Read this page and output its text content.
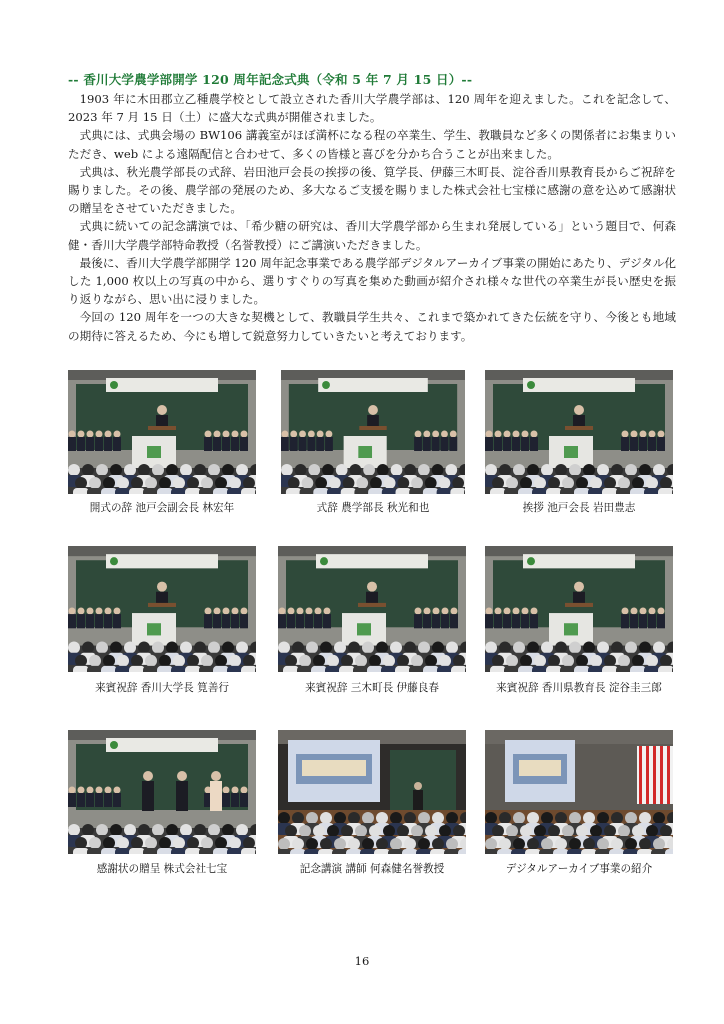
-- 香川大学農学部開学 120 周年記念式典（令和 5 年 7 月 15 日）--

1903 年に木田郡立乙種農学校として設立された香川大学農学部は、120 周年を迎えました。これを記念して、2023 年 7 月 15 日（土）に盛大な式典が開催されました。

式典には、式典会場の BW106 講義室がほぼ満杯になる程の卒業生、学生、教職員など多くの関係者にお集まりいただき、web による遠隔配信と合わせて、多くの皆様と喜びを分かち合うことが出来ました。

式典は、秋光農学部長の式辞、岩田池戸会長の挨拶の後、筧学長、伊藤三木町長、淀谷香川県教育長からご祝辞を賜りました。その後、農学部の発展のため、多大なるご支援を賜りました株式会社七宝様に感謝の意を込めて感謝状の贈呈をさせていただきました。

式典に続いての記念講演では、「希少糖の研究は、香川大学農学部から生まれ発展している」という題目で、何森 健・香川大学農学部特命教授（名誉教授）にご講演いただきました。

最後に、香川大学農学部開学 120 周年記念事業である農学部デジタルアーカイブ事業の開始にあたり、デジタル化した 1,000 枚以上の写真の中から、選りすぐりの写真を集めた動画が紹介され様々な世代の卒業生が長い歴史を振り返りながら、思い出に浸りました。

今回の 120 周年を一つの大きな契機として、教職員学生共々、これまで築かれてきた伝統を守り、今後とも地域の期待に答えるため、今にも増して鋭意努力していきたいと考えております。

開式の辞 池戸会副会長 林宏年	式辞 農学部長 秋光和也	挨拶 池戸会長 岩田豊志
来賓祝辞 香川大学長 筧善行	来賓祝辞 三木町長 伊藤良春	来賓祝辞 香川県教育長 淀谷圭三郎
感謝状の贈呈 株式会社七宝	記念講演 講師 何森健名誉教授	デジタルアーカイブ事業の紹介
16
